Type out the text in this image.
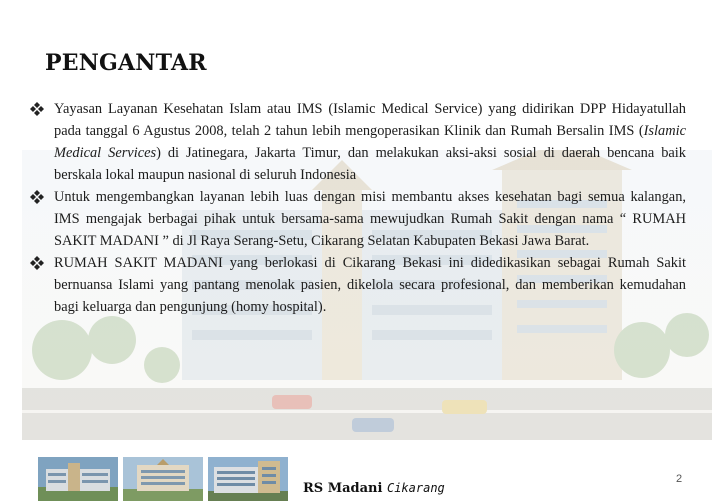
PENGANTAR

Yayasan Layanan Kesehatan Islam atau IMS (Islamic Medical Service) yang didirikan DPP Hidayatullah pada tanggal 6 Agustus 2008, telah 2 tahun lebih mengoperasikan Klinik dan Rumah Bersalin IMS (Islamic Medical Services) di Jatinegara, Jakarta Timur, dan melakukan aksi-aksi sosial di daerah bencana baik berskala lokal maupun nasional di seluruh Indonesia

Untuk mengembangkan layanan lebih luas dengan misi membantu akses kesehatan bagi semua kalangan, IMS mengajak berbagai pihak untuk bersama-sama mewujudkan Rumah Sakit dengan nama “ RUMAH SAKIT MADANI ” di Jl Raya Serang-Setu, Cikarang Selatan Kabupaten Bekasi Jawa Barat.

RUMAH SAKIT MADANI yang berlokasi di Cikarang Bekasi ini didedikasikan sebagai Rumah Sakit bernuansa Islami yang pantang menolak pasien, dikelola secara profesional, dan memberikan kemudahan bagi keluarga dan pengunjung (homy hospital).

RS Madani Cikarang
2
